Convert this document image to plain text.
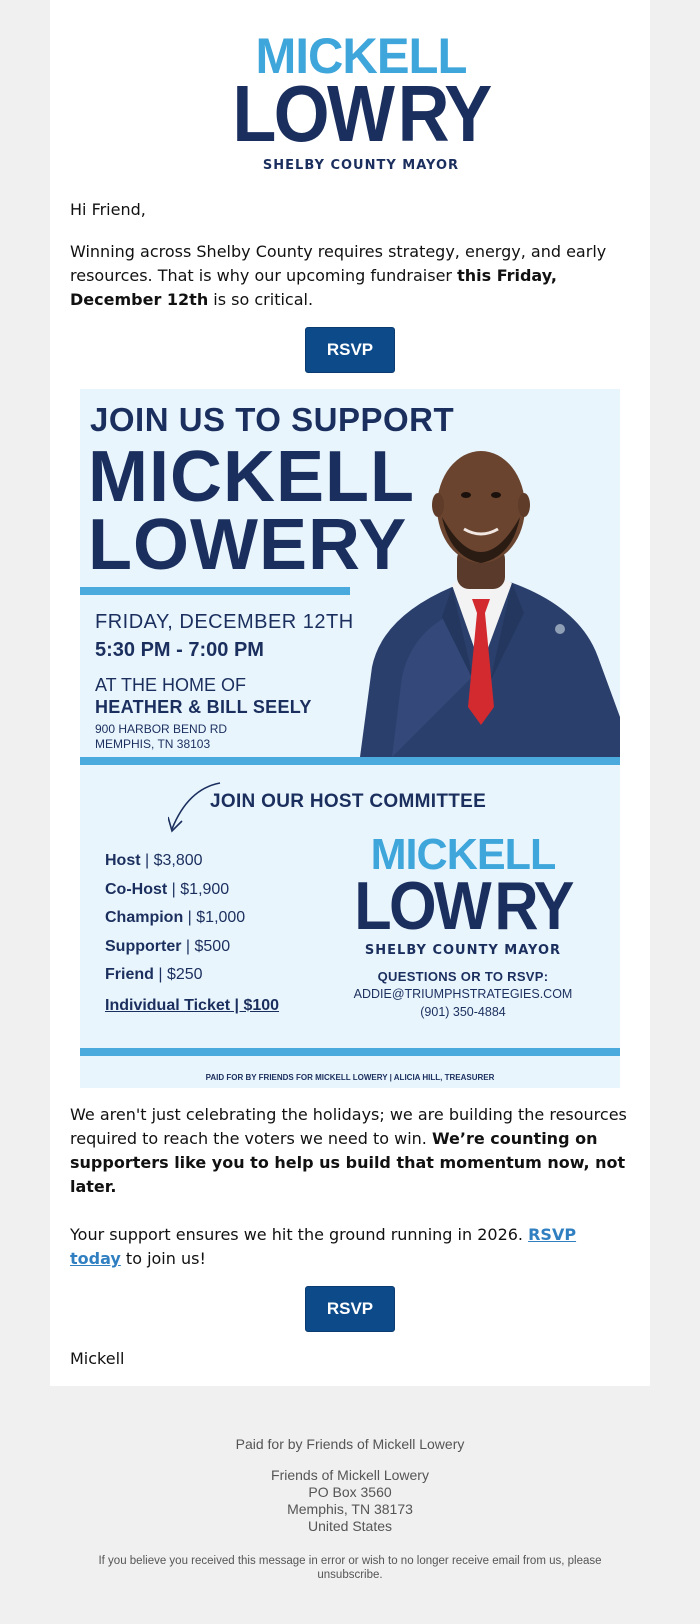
MICKELL
LOW RY
SHELBY COUNTY MAYOR
Hi Friend,
Winning across Shelby County requires strategy, energy, and early resources. That is why our upcoming fundraiser this Friday, December 12th is so critical.
RSVP
JOIN US TO SUPPORT
MICKELL
LOWERY
FRIDAY, DECEMBER 12TH
5:30 PM - 7:00 PM
AT THE HOME OF
HEATHER & BILL SEELY
900 HARBOR BEND RD
MEMPHIS, TN 38103
JOIN OUR HOST COMMITTEE
Host | $3,800
Co-Host | $1,900
Champion | $1,000
Supporter | $500
Friend | $250
Individual Ticket | $100
MICKELL
LOW RY
SHELBY COUNTY MAYOR
QUESTIONS OR TO RSVP:
ADDIE@TRIUMPHSTRATEGIES.COM
(901) 350-4884
PAID FOR BY FRIENDS FOR MICKELL LOWERY | ALICIA HILL, TREASURER
We aren't just celebrating the holidays; we are building the resources required to reach the voters we need to win. We’re counting on supporters like you to help us build that momentum now, not later.
Your support ensures we hit the ground running in 2026. RSVP today to join us!
RSVP
Mickell
Paid for by Friends of Mickell Lowery
Friends of Mickell Lowery
PO Box 3560
Memphis, TN 38173
United States
If you believe you received this message in error or wish to no longer receive email from us, please unsubscribe.
